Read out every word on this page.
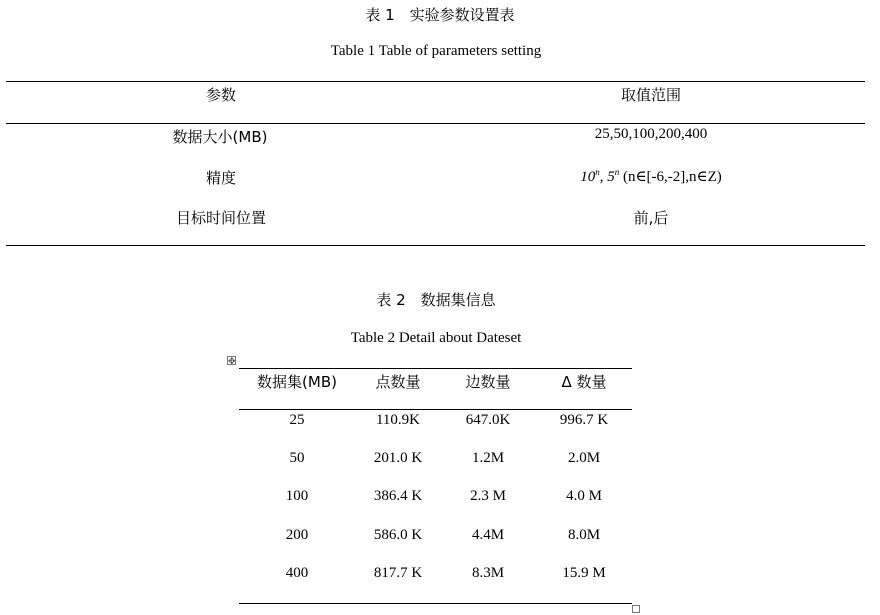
表 1　实验参数设置表
Table 1 Table of parameters setting
参数	取值范围
数据大小(MB)	25,50,100,200,400
精度	10$^n$, 5$^n$ (n∈[-6,-2],n∈Z)
目标时间位置	前,后
表 2　数据集信息
Table 2 Detail about Dateset
✥
数据集(MB)	点数量	边数量	Δ 数量
25	110.9K	647.0K	996.7 K
50	201.0 K	1.2M	2.0M
100	386.4 K	2.3 M	4.0 M
200	586.0 K	4.4M	8.0M
400	817.7 K	8.3M	15.9 M
